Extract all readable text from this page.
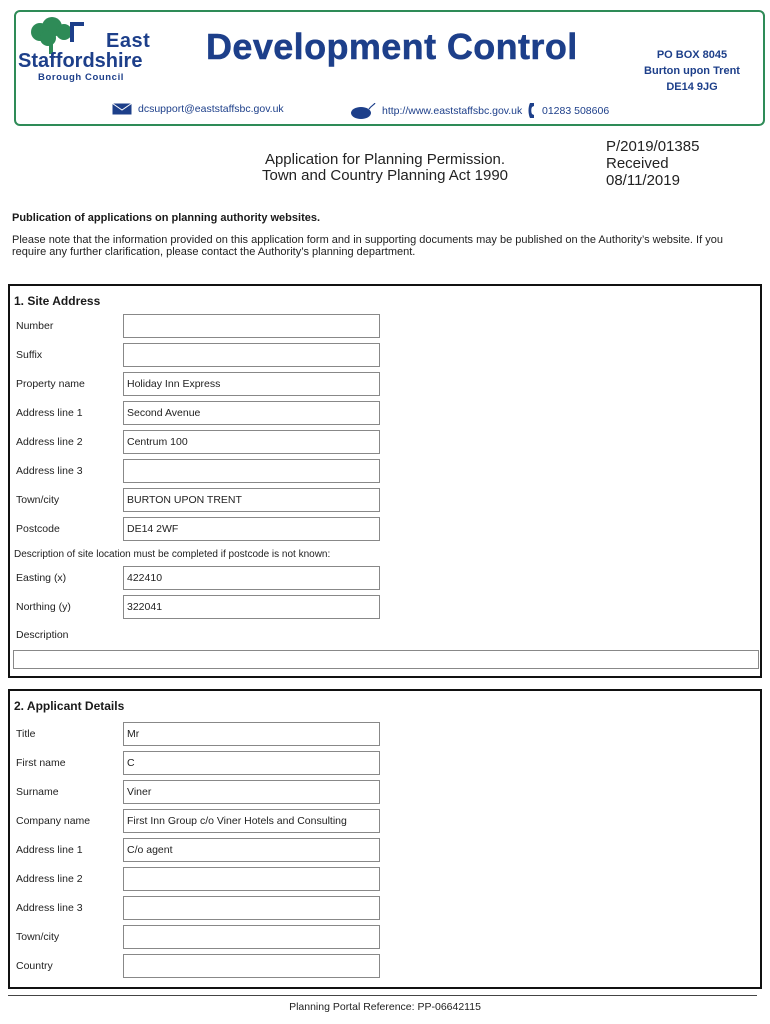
East
Staffordshire
Borough Council
Development Control	PO BOX 8045
Burton upon Trent
DE14 9JG
dcsupport@eaststaffsbc.gov.uk	http://www.eaststaffsbc.gov.uk 01283 508606
Application for Planning Permission.
Town and Country Planning Act 1990
P/2019/01385
Received
08/11/2019
Publication of applications on planning authority websites.
Please note that the information provided on this application form and in supporting documents may be published on the Authority’s website. If you require any further clarification, please contact the Authority’s planning department.
1. Site Address
Number
Suffix
Property name	Holiday Inn Express
Address line 1	Second Avenue
Address line 2	Centrum 100
Address line 3
Town/city	BURTON UPON TRENT
Postcode	DE14 2WF
Description of site location must be completed if postcode is not known:
Easting (x)	422410
Northing (y)	322041
Description
2. Applicant Details
Title	Mr
First name	C
Surname	Viner
Company name	First Inn Group c/o Viner Hotels and Consulting
Address line 1	C/o agent
Address line 2
Address line 3
Town/city
Country
Planning Portal Reference: PP-06642115
